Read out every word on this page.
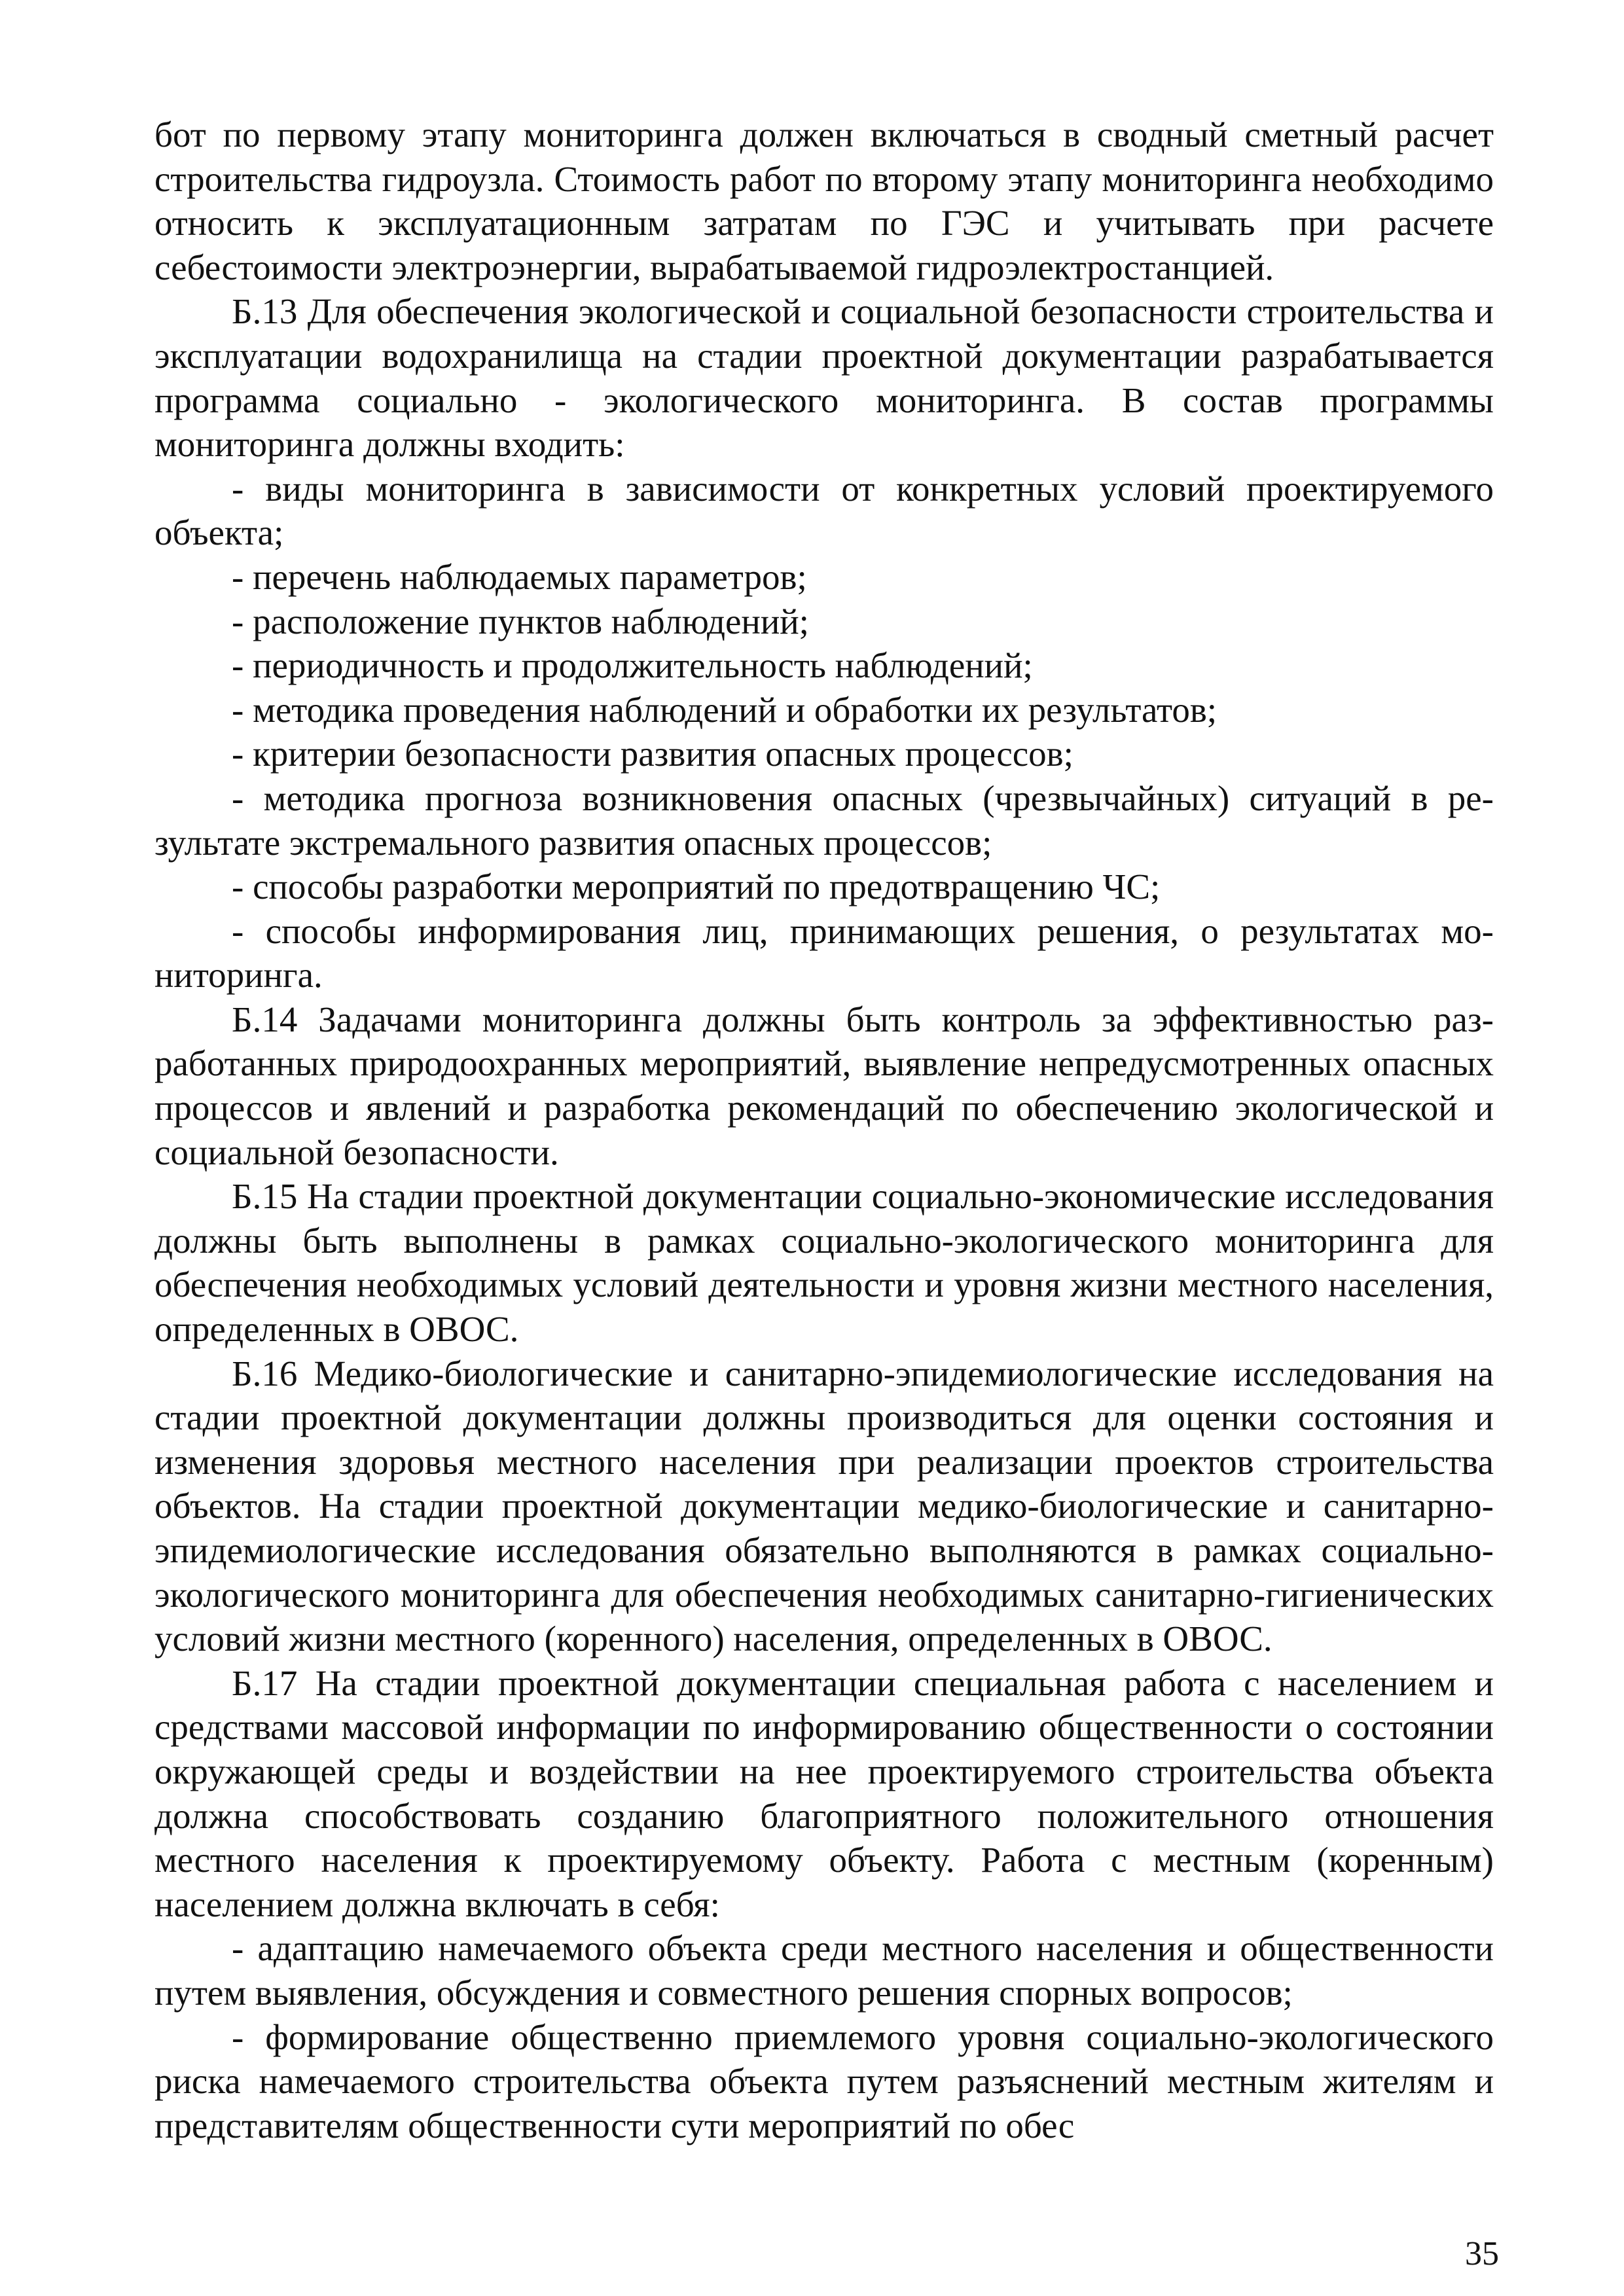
бот по первому этапу мониторинга должен включаться в сводный сметный расчет строительства гидроузла. Стоимость работ по второму этапу мониторинга необходимо относить к эксплуатационным затратам по ГЭС и учитывать при расчете себестоимости электроэнергии, вырабатываемой гидроэлектростанцией.

Б.13 Для обеспечения экологической и социальной безопасности строительства и эксплуатации водохранилища на стадии проектной документации разрабатывается программа социально - экологического мониторинга. В состав программы мониторинга должны входить:

- виды мониторинга в зависимости от конкретных условий проектируемого объекта;

- перечень наблюдаемых параметров;

- расположение пунктов наблюдений;

- периодичность и продолжительность наблюдений;

- методика проведения наблюдений и обработки их результатов;

- критерии безопасности развития опасных процессов;

- методика прогноза возникновения опасных (чрезвычайных) ситуаций в результате экстремального развития опасных процессов;

- способы разработки мероприятий по предотвращению ЧС;

- способы информирования лиц, принимающих решения, о результатах мониторинга.

Б.14 Задачами мониторинга должны быть контроль за эффективностью разработанных природоохранных мероприятий, выявление непредусмотренных опасных процессов и явлений и разработка рекомендаций по обеспечению экологической и социальной безопасности.

Б.15 На стадии проектной документации социально-экономические исследования должны быть выполнены в рамках социально-экологического мониторинга для обеспечения необходимых условий деятельности и уровня жизни местного населения, определенных в ОВОС.

Б.16 Медико-биологические и санитарно-эпидемиологические исследования на стадии проектной документации должны производиться для оценки состояния и изменения здоровья местного населения при реализации проектов строительства объектов. На стадии проектной документации медико-биологические и санитарно-эпидемиологические исследования обязательно выполняются в рамках социально-экологического мониторинга для обеспечения необходимых санитарно-гигиенических условий жизни местного (коренного) населения, определенных в ОВОС.

Б.17 На стадии проектной документации специальная работа с населением и средствами массовой информации по информированию общественности о состоянии окружающей среды и воздействии на нее проектируемого строительства объекта должна способствовать созданию благоприятного положительного отношения местного населения к проектируемому объекту. Работа с местным (коренным) населением должна включать в себя:

- адаптацию намечаемого объекта среди местного населения и общественности путем выявления, обсуждения и совместного решения спорных вопросов;

- формирование общественно приемлемого уровня социально-экологического риска намечаемого строительства объекта путем разъяснений местным жителям и представителям общественности сути мероприятий по обес

35
